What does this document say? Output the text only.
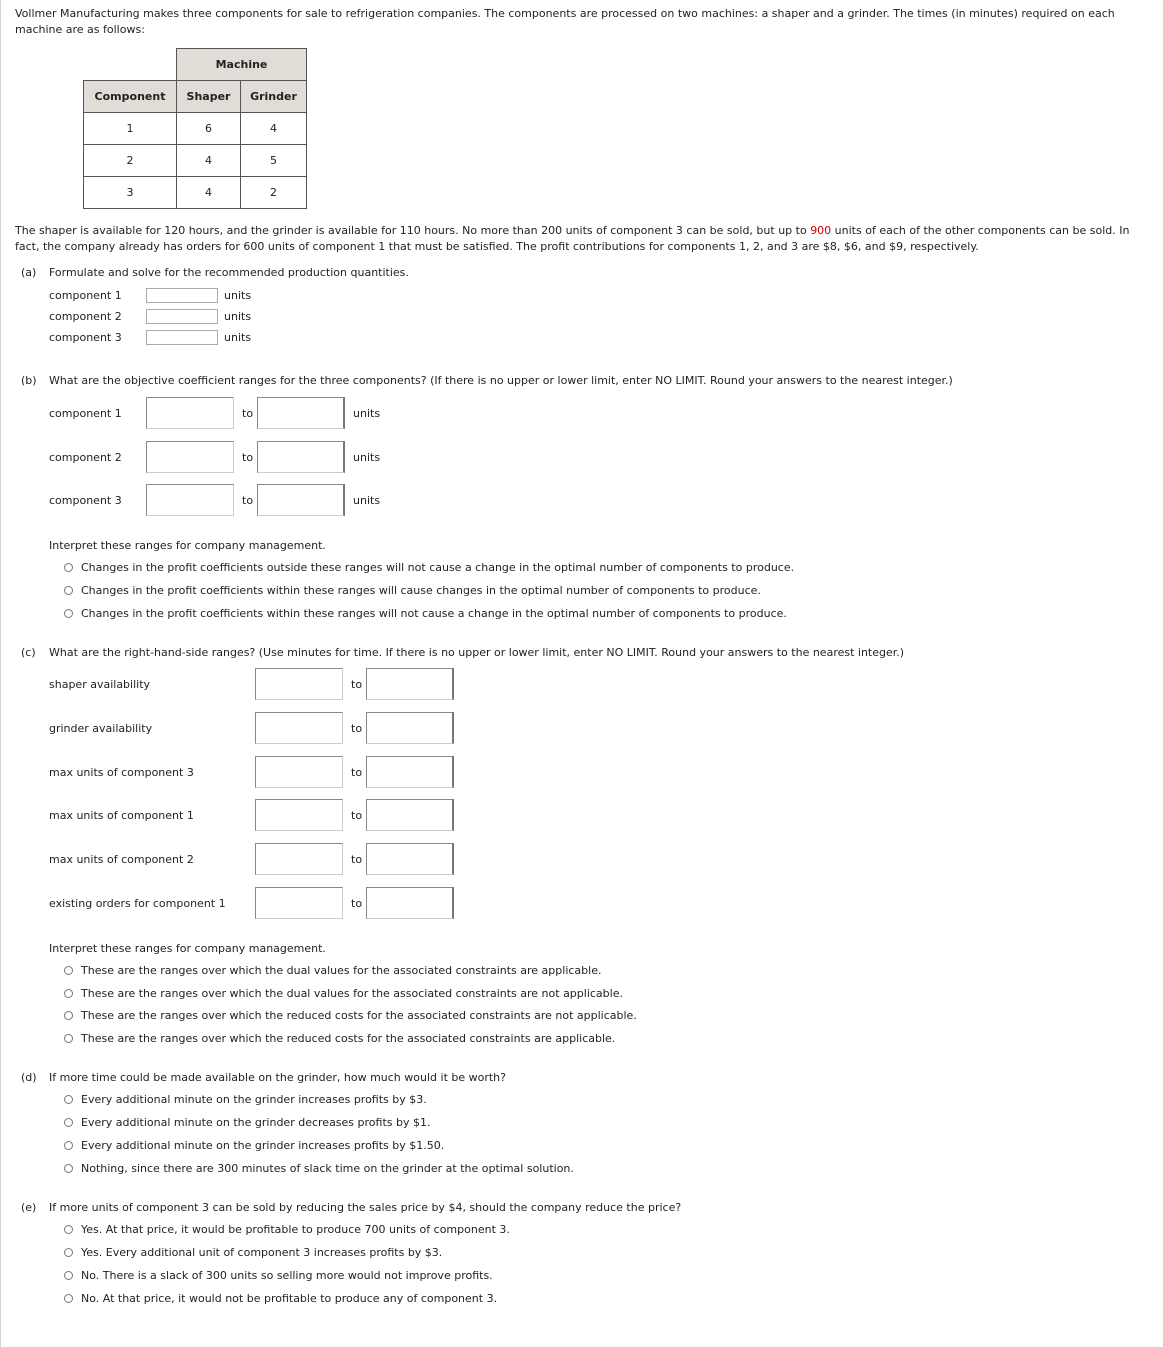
Vollmer Manufacturing makes three components for sale to refrigeration companies. The components are processed on two machines: a shaper and a grinder. The times (in minutes) required on each machine are as follows:
	Machine	
Component	Shaper	Grinder
1	6	4
2	4	5
3	4	2
The shaper is available for 120 hours, and the grinder is available for 110 hours. No more than 200 units of component 3 can be sold, but up to 900 units of each of the other components can be sold. In fact, the company already has orders for 600 units of component 1 that must be satisfied. The profit contributions for components 1, 2, and 3 are $8, $6, and $9, respectively.
(a) Formulate and solve for the recommended production quantities.
component 1	units
component 2	units
component 3	units
(b) What are the objective coefficient ranges for the three components? (If there is no upper or lower limit, enter NO LIMIT. Round your answers to the nearest integer.)
component 1	to	units
component 2	to	units
component 3	to	units
Interpret these ranges for company management.
Changes in the profit coefficients outside these ranges will not cause a change in the optimal number of components to produce.
Changes in the profit coefficients within these ranges will cause changes in the optimal number of components to produce.
Changes in the profit coefficients within these ranges will not cause a change in the optimal number of components to produce.
(c) What are the right-hand-side ranges? (Use minutes for time. If there is no upper or lower limit, enter NO LIMIT. Round your answers to the nearest integer.)
shaper availability	to
grinder availability	to
max units of component 3	to
max units of component 1	to
max units of component 2	to
existing orders for component 1	to
Interpret these ranges for company management.
These are the ranges over which the dual values for the associated constraints are applicable.
These are the ranges over which the dual values for the associated constraints are not applicable.
These are the ranges over which the reduced costs for the associated constraints are not applicable.
These are the ranges over which the reduced costs for the associated constraints are applicable.
(d) If more time could be made available on the grinder, how much would it be worth?
Every additional minute on the grinder increases profits by $3.
Every additional minute on the grinder decreases profits by $1.
Every additional minute on the grinder increases profits by $1.50.
Nothing, since there are 300 minutes of slack time on the grinder at the optimal solution.
(e) If more units of component 3 can be sold by reducing the sales price by $4, should the company reduce the price?
Yes. At that price, it would be profitable to produce 700 units of component 3.
Yes. Every additional unit of component 3 increases profits by $3.
No. There is a slack of 300 units so selling more would not improve profits.
No. At that price, it would not be profitable to produce any of component 3.
